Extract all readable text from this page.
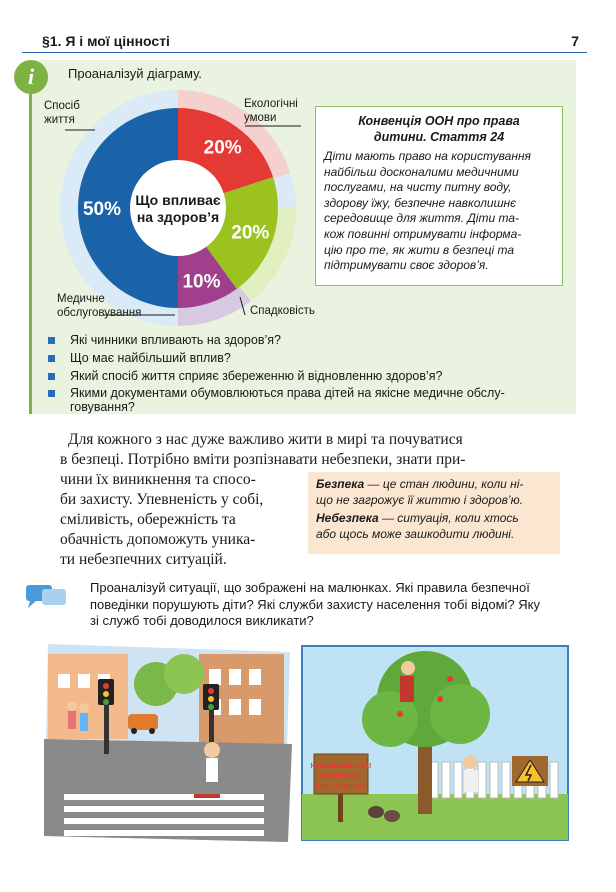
§1. Я і мої цінності	7
i	Проаналізуй діаграму.
Що впливає
на здоров’я
20%
20%
10%
50%
Спосіб
життя
Екологічні
умови
Медичне
обслуговування	Спадковість
Конвенція ООН про права
дитини. Стаття 24
Діти мають право на користування
найбільш досконалими медичними
послугами, на чисту питну воду,
здорову їжу, безпечне навколишнє
середовище для життя. Діти та-
кож повинні отримувати інформа-
цію про те, як жити в безпеці та
підтримувати своє здоров’я.
Які чинники впливають на здоров’я?
Що має найбільший вплив?
Який спосіб життя сприяє збереженню й відновленню здоров’я?
Якими документами обумовлюються права дітей на якісне медичне обслу-
говування?
Для кожного з нас дуже важливо жити в мирі та почуватися
в безпеці. Потрібно вміти розпізнавати небезпеки, знати при-
чини їх виникнення та спосо-
би захисту. Упевненість у собі,
сміливість, обережність та
обачність допоможуть уника-
ти небезпечних ситуацій.
Безпека — це стан людини, коли ні-
що не загрожує її життю і здоров’ю.
Небезпека — ситуація, коли хтось
або щось може зашкодити людині.
Проаналізуй ситуації, що зображені на малюнках. Які правила безпечної
поведінки порушують діти? Які служби захисту населення тобі відомі? Яку
зі служб тобі доводилося викликати?
Небезпечна зона!
Від’єднавши –
Вхід заборонено!
